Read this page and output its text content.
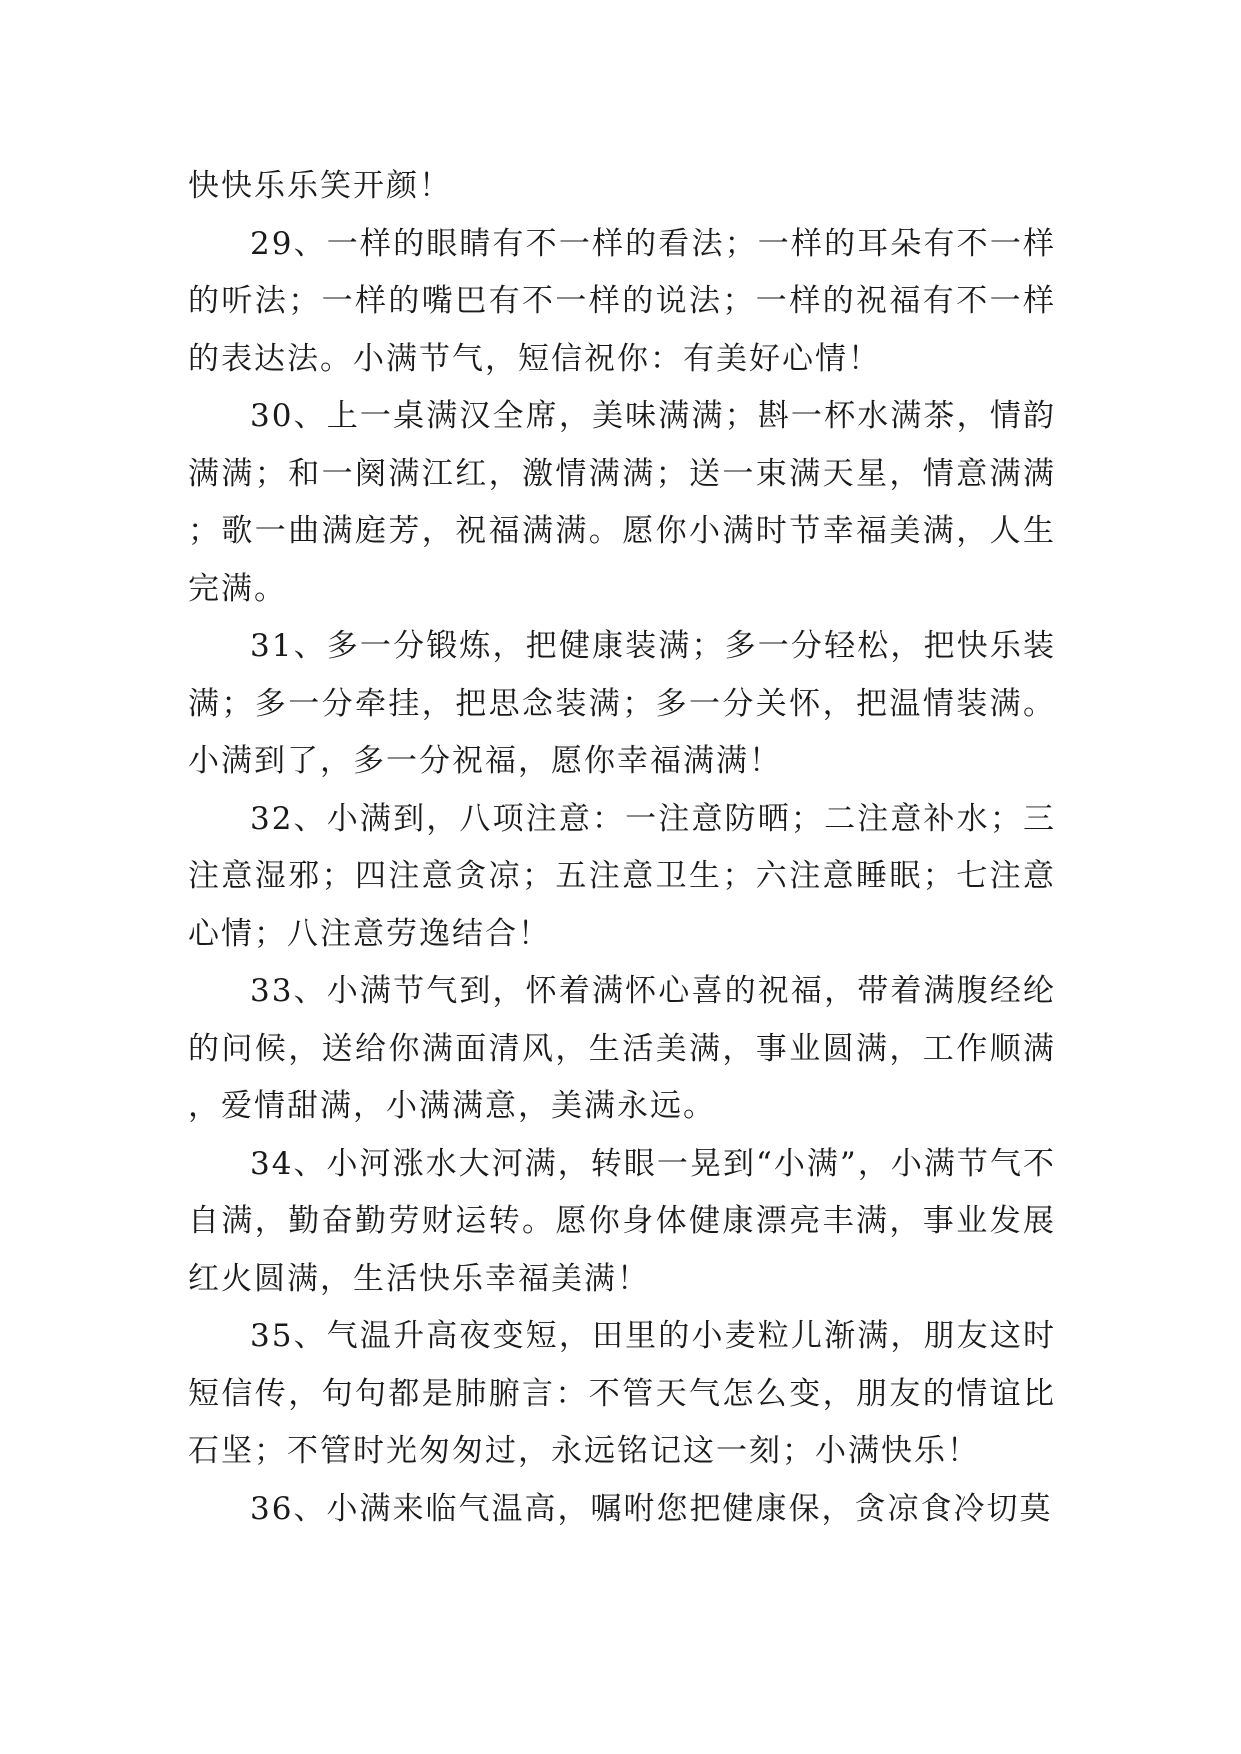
快快乐乐笑开颜！

29、一样的眼睛有不一样的看法；一样的耳朵有不一样的听法；一样的嘴巴有不一样的说法；一样的祝福有不一样的表达法。小满节气，短信祝你：有美好心情！

30、上一桌满汉全席，美味满满；斟一杯水满茶，情韵满满；和一阕满江红，激情满满；送一束满天星，情意满满；歌一曲满庭芳，祝福满满。愿你小满时节幸福美满，人生完满。

31、多一分锻炼，把健康装满；多一分轻松，把快乐装满；多一分牵挂，把思念装满；多一分关怀，把温情装满。小满到了，多一分祝福，愿你幸福满满！

32、小满到，八项注意：一注意防晒；二注意补水；三注意湿邪；四注意贪凉；五注意卫生；六注意睡眠；七注意心情；八注意劳逸结合！

33、小满节气到，怀着满怀心喜的祝福，带着满腹经纶的问候，送给你满面清风，生活美满，事业圆满，工作顺满，爱情甜满，小满满意，美满永远。

34、小河涨水大河满，转眼一晃到“小满”，小满节气不自满，勤奋勤劳财运转。愿你身体健康漂亮丰满，事业发展红火圆满，生活快乐幸福美满！

35、气温升高夜变短，田里的小麦粒儿渐满，朋友这时短信传，句句都是肺腑言：不管天气怎么变，朋友的情谊比石坚；不管时光匆匆过，永远铭记这一刻；小满快乐！

36、小满来临气温高，嘱咐您把健康保，贪凉食冷切莫
